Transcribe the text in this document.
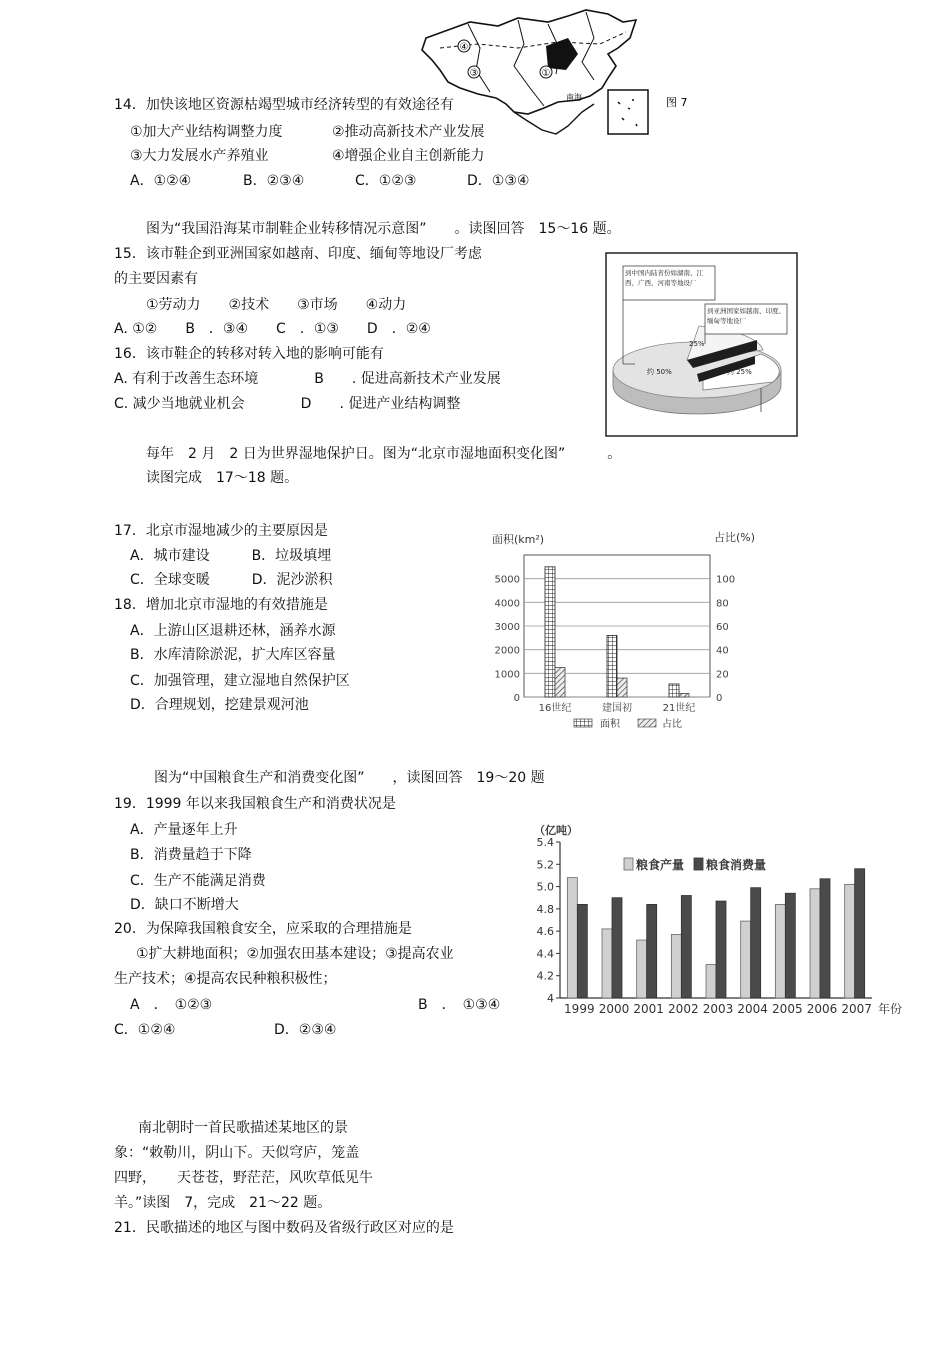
④
③	①
南海	图 7
14．加快该地区资源枯竭型城市经济转型的有效途径有
①加大产业结构调整力度	②推动高新技术产业发展
③大力发展水产养殖业	④增强企业自主创新能力
A．①②④	B．②③④	C．①②③	D．①③④
图为“我国沿海某市制鞋企业转移情况示意图”　　。读图回答　15～16 题。
15．该市鞋企到亚洲国家如越南、印度、缅甸等地设厂考虑
的主要因素有
①劳动力　　②技术　　③市场　　④动力
A. ①②　　B　．③④　　C　．①③　　D　．②④
16．该市鞋企的转移对转入地的影响可能有
A. 有利于改善生态环境　　　　B　　. 促进高新技术产业发展
C. 减少当地就业机会　　　　D　　. 促进产业结构调整
到中国内陆省份如湖南、江西、广西、河南等地设厂
到亚洲国家如越南、印度、缅甸等地设厂
25%
约 50%	约 25%
每年　2 月　2 日为世界湿地保护日。图为“北京市湿地面积变化图”　　　。
读图完成　17～18 题。
17．北京市湿地减少的主要原因是
A．城市建设　　　B．垃圾填埋
C．全球变暖　　　D．泥沙淤积
18．增加北京市湿地的有效措施是
A．上游山区退耕还林，涵养水源
B．水库清除淤泥，扩大库区容量
C．加强管理，建立湿地自然保护区
D．合理规划，挖建景观河池
面积(km²)	占比(%)
0
1000
2000
3000
4000
5000
0
20
40
60
80
100
16世纪	建国初	21世纪
面积	占比
图为“中国粮食生产和消费变化图”　　，读图回答　19～20 题
19．1999 年以来我国粮食生产和消费状况是
A．产量逐年上升
B．消费量趋于下降
C．生产不能满足消费
D．缺口不断增大
20．为保障我国粮食安全，应采取的合理措施是
①扩大耕地面积；②加强农田基本建设；③提高农业
生产技术；④提高农民种粮积极性；
A　．　①②③	B　．　①③④
C．①②④	D．②③④
（亿吨）
4
4.2
4.4
4.6
4.8
5.0
5.2
5.4
1999 2000 2001 2002 2003 2004 2005 2006 2007
粮食产量 粮食消费量
年份
南北朝时一首民歌描述某地区的景
象：“敕勒川，阴山下。天似穹庐，笼盖
四野，　　天苍苍，野茫茫，风吹草低见牛
羊。”读图　7，完成　21～22 题。
21．民歌描述的地区与图中数码及省级行政区对应的是
